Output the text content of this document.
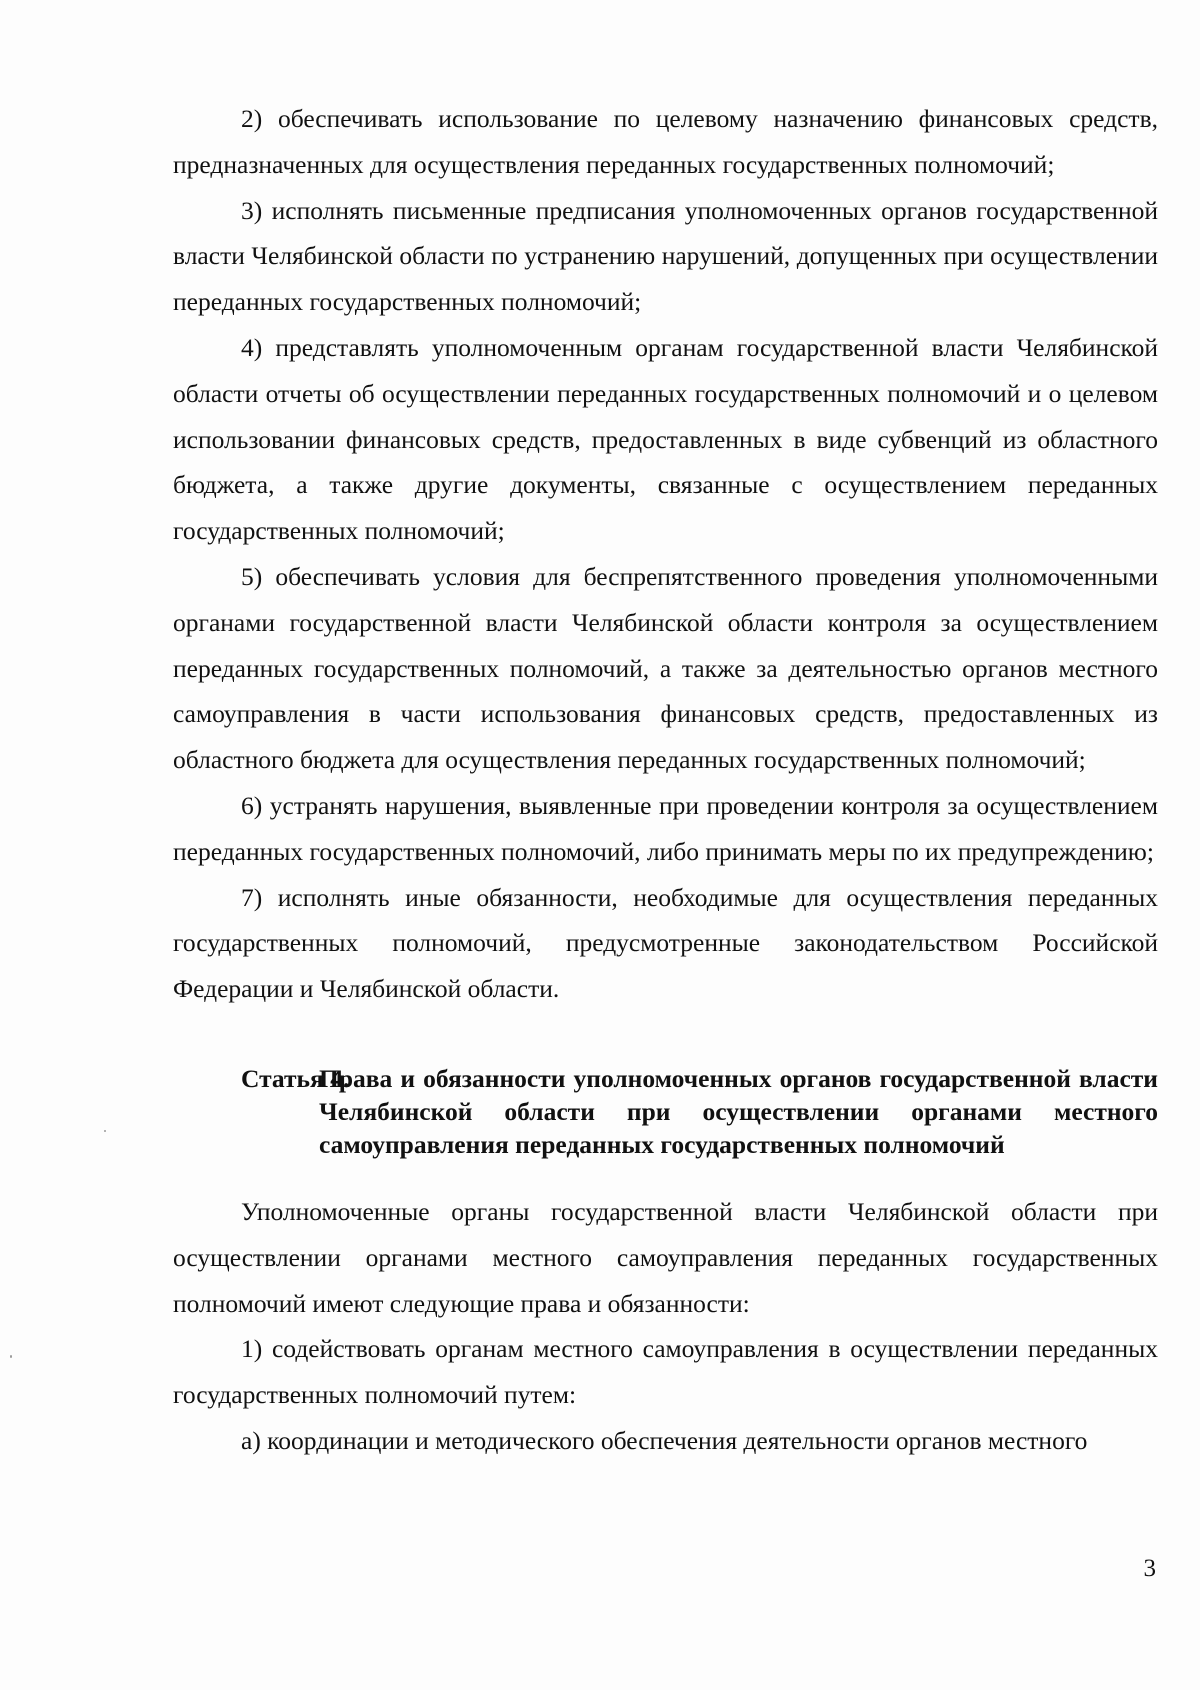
2) обеспечивать использование по целевому назначению финансовых средств, предназначенных для осуществления переданных государственных полномочий;

3) исполнять письменные предписания уполномоченных органов государственной власти Челябинской области по устранению нарушений, допущенных при осуществлении переданных государственных полномочий;

4) представлять уполномоченным органам государственной власти Челябинской области отчеты об осуществлении переданных государственных полномочий и о целевом использовании финансовых средств, предоставленных в виде субвенций из областного бюджета, а также другие документы, связанные с осуществлением переданных государственных полномочий;

5) обеспечивать условия для беспрепятственного проведения уполномоченными органами государственной власти Челябинской области контроля за осуществлением переданных государственных полномочий, а также за деятельностью органов местного самоуправления в части использования финансовых средств, предоставленных из областного бюджета для осуществления переданных государственных полномочий;

6) устранять нарушения, выявленные при проведении контроля за осуществлением переданных государственных полномочий, либо принимать меры по их предупреждению;

7) исполнять иные обязанности, необходимые для осуществления переданных государственных полномочий, предусмотренные законодательством Российской Федерации и Челябинской области.

Статья 4.
Права и обязанности уполномоченных органов государственной власти Челябинской области при осуществлении органами местного самоуправления переданных государственных полномочий

Уполномоченные органы государственной власти Челябинской области при осуществлении органами местного самоуправления переданных государственных полномочий имеют следующие права и обязанности:

1) содействовать органам местного самоуправления в осуществлении переданных государственных полномочий путем:

а) координации и методического обеспечения деятельности органов местного

3
